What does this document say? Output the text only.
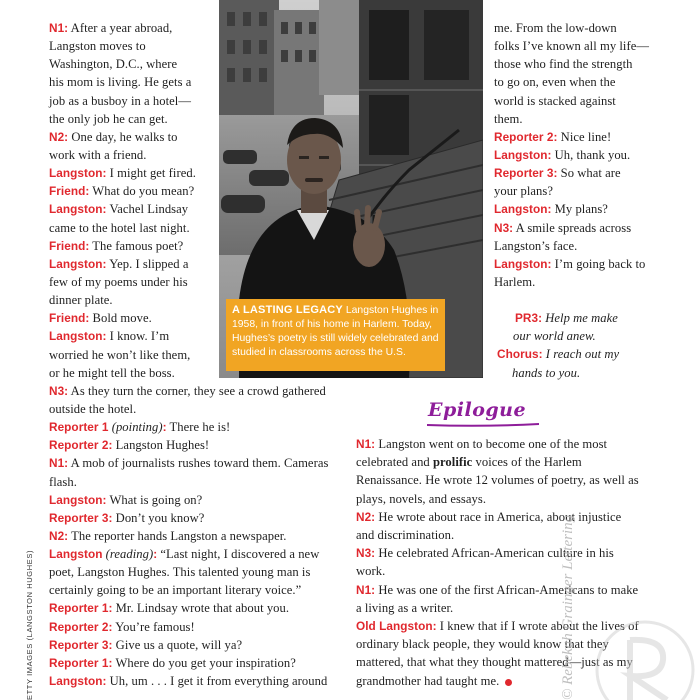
A LASTING LEGACY Langston Hughes in
1958, in front of his home in Harlem. Today,
Hughes’s poetry is still widely celebrated and
studied in classrooms across the U.S.
N1: After a year abroad,
Langston moves to
Washington, D.C., where
his mom is living. He gets a
job as a busboy in a hotel—
the only job he can get.
N2: One day, he walks to
work with a friend.
Langston: I might get fired.
Friend: What do you mean?
Langston: Vachel Lindsay
came to the hotel last night.
Friend: The famous poet?
Langston: Yep. I slipped a
few of my poems under his
dinner plate.
Friend: Bold move.
Langston: I know. I’m
worried he won’t like them,
or he might tell the boss.
N3: As they turn the corner, they see a crowd gathered
outside the hotel.
Reporter 1 (pointing): There he is!
Reporter 2: Langston Hughes!
N1: A mob of journalists rushes toward them. Cameras
flash.
Langston: What is going on?
Reporter 3: Don’t you know?
N2: The reporter hands Langston a newspaper.
Langston (reading): “Last night, I discovered a new
poet, Langston Hughes. This talented young man is
certainly going to be an important literary voice.”
Reporter 1: Mr. Lindsay wrote that about you.
Reporter 2: You’re famous!
Reporter 3: Give us a quote, will ya?
Reporter 1: Where do you get your inspiration?
Langston: Uh, um . . . I get it from everything around
me. From the low-down
folks I’ve known all my life—
those who find the strength
to go on, even when the
world is stacked against
them.
Reporter 2: Nice line!
Langston: Uh, thank you.
Reporter 3: So what are
your plans?
Langston: My plans?
N3: A smile spreads across
Langston’s face.
Langston: I’m going back to
Harlem.
PR3: Help me make
our world anew.
Chorus: I reach out my
hands to you.
Epilogue
N1: Langston went on to become one of the most
celebrated and prolific voices of the Harlem
Renaissance. He wrote 12 volumes of poetry, as well as
plays, novels, and essays.
N2: He wrote about race in America, about injustice
and discrimination.
N3: He celebrated African-American culture in his
work.
N1: He was one of the first African-Americans to make
a living as a writer.
Old Langston: I knew that if I wrote about the lives of
ordinary black people, they would know that they
mattered, that what they thought mattered—just as my
grandmother had taught me.
ETTY IMAGES (LANGSTON HUGHES)	© Rebekah Grainger Lettering
